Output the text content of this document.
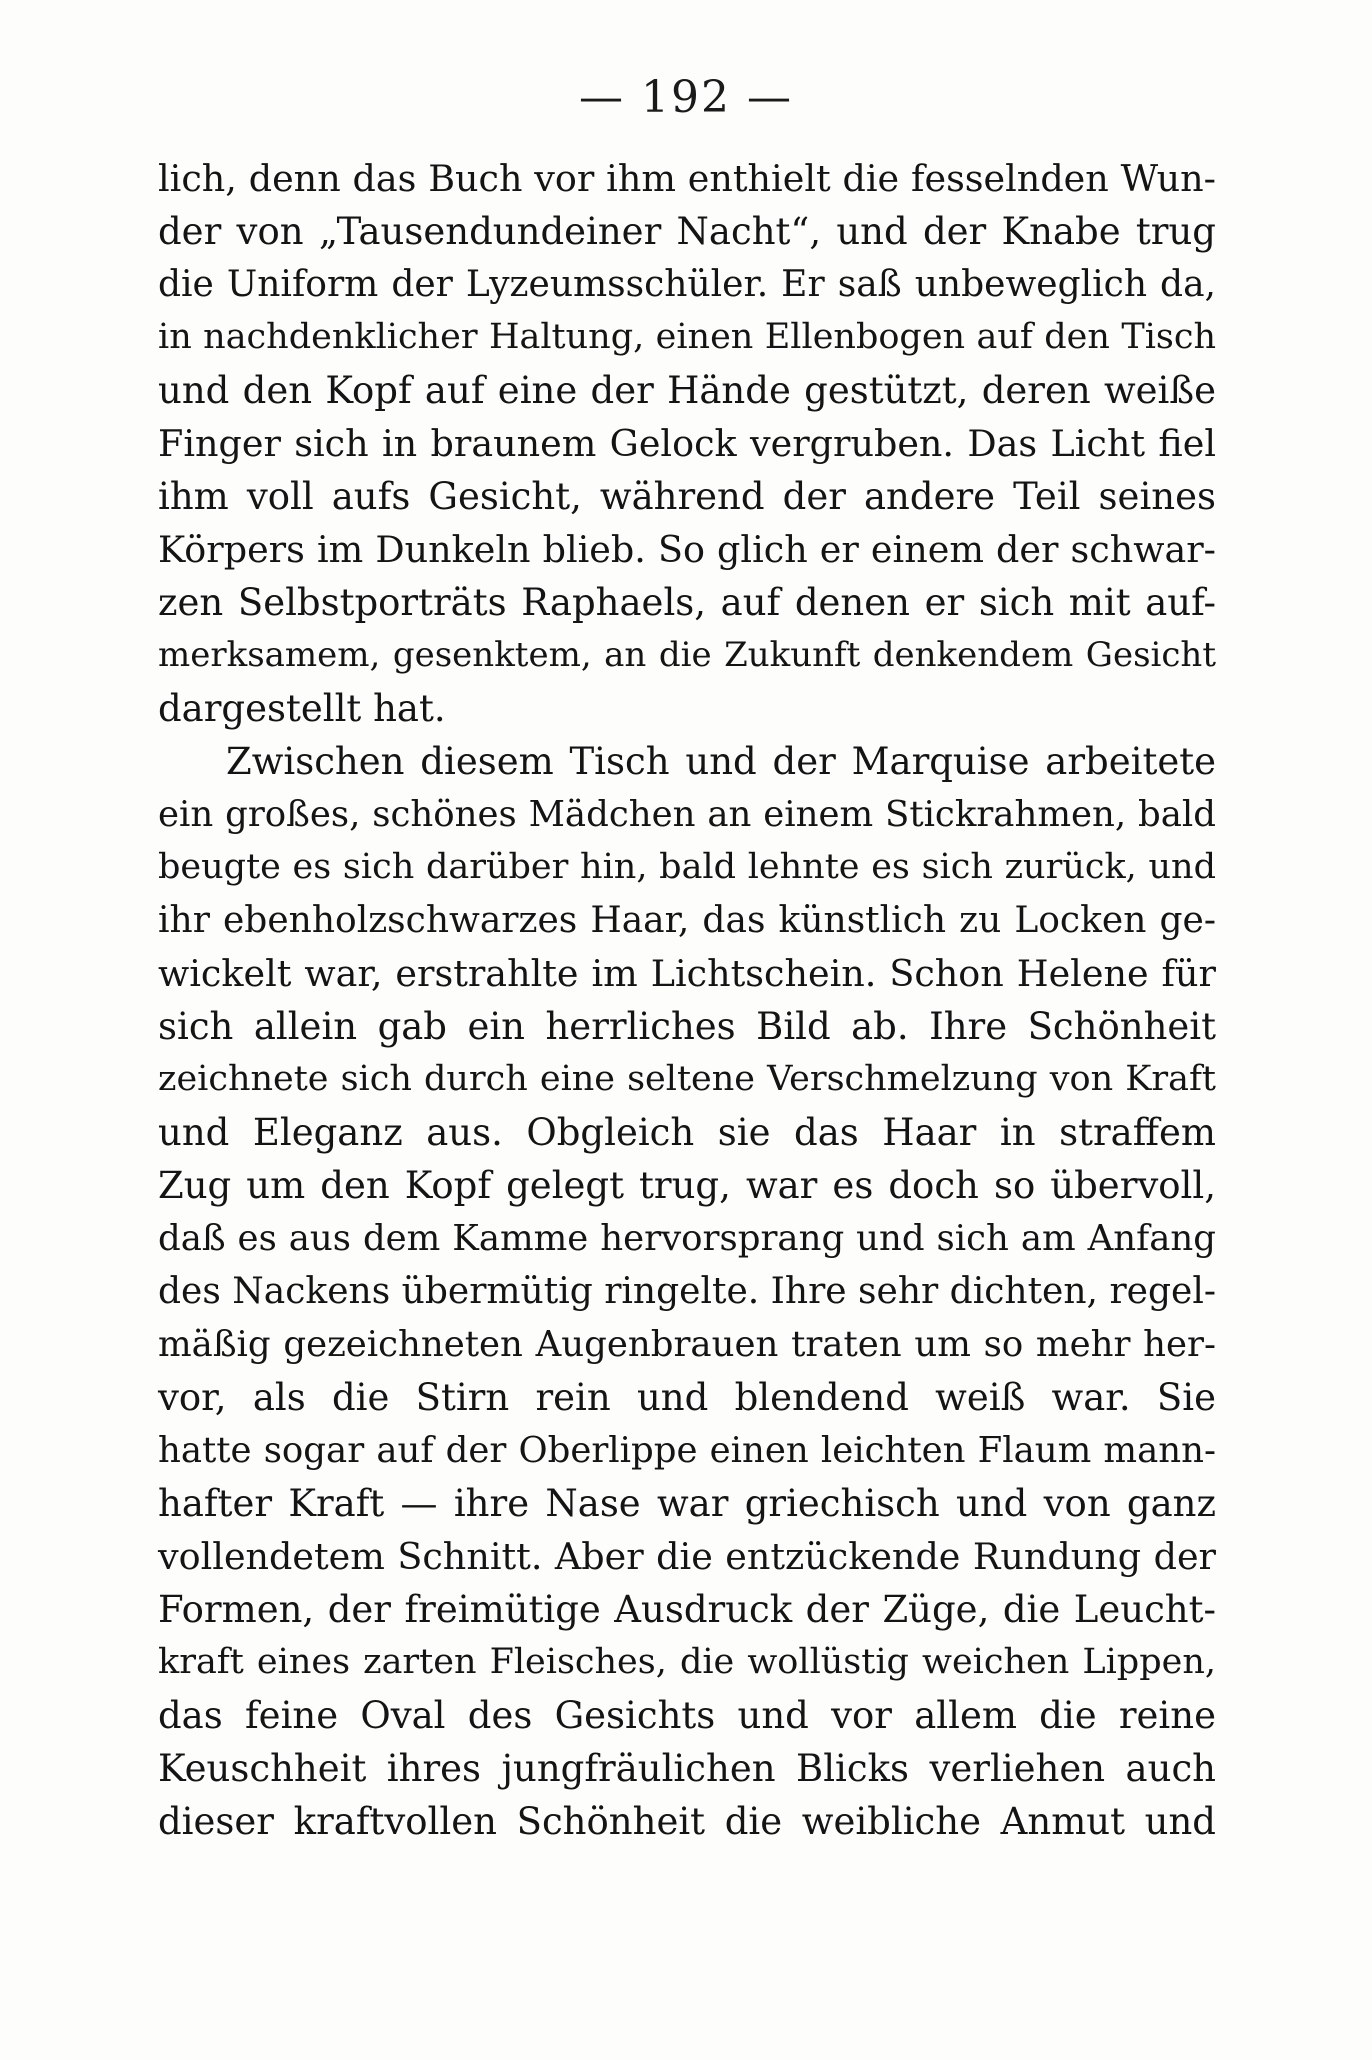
— 192 —
lich, denn das Buch vor ihm enthielt die fesselnden Wun-
der von „Tausendundeiner Nacht“, und der Knabe trug
die Uniform der Lyzeumsschüler. Er saß unbeweglich da,
in nachdenklicher Haltung, einen Ellenbogen auf den Tisch
und den Kopf auf eine der Hände gestützt, deren weiße
Finger sich in braunem Gelock vergruben. Das Licht fiel
ihm voll aufs Gesicht, während der andere Teil seines
Körpers im Dunkeln blieb. So glich er einem der schwar-
zen Selbstporträts Raphaels, auf denen er sich mit auf-
merksamem, gesenktem, an die Zukunft denkendem Gesicht
dargestellt hat.
Zwischen diesem Tisch und der Marquise arbeitete
ein großes, schönes Mädchen an einem Stickrahmen, bald
beugte es sich darüber hin, bald lehnte es sich zurück, und
ihr ebenholzschwarzes Haar, das künstlich zu Locken ge-
wickelt war, erstrahlte im Lichtschein. Schon Helene für
sich allein gab ein herrliches Bild ab. Ihre Schönheit
zeichnete sich durch eine seltene Verschmelzung von Kraft
und Eleganz aus. Obgleich sie das Haar in straffem
Zug um den Kopf gelegt trug, war es doch so übervoll,
daß es aus dem Kamme hervorsprang und sich am Anfang
des Nackens übermütig ringelte. Ihre sehr dichten, regel-
mäßig gezeichneten Augenbrauen traten um so mehr her-
vor, als die Stirn rein und blendend weiß war. Sie
hatte sogar auf der Oberlippe einen leichten Flaum mann-
hafter Kraft — ihre Nase war griechisch und von ganz
vollendetem Schnitt. Aber die entzückende Rundung der
Formen, der freimütige Ausdruck der Züge, die Leucht-
kraft eines zarten Fleisches, die wollüstig weichen Lippen,
das feine Oval des Gesichts und vor allem die reine
Keuschheit ihres jungfräulichen Blicks verliehen auch
dieser kraftvollen Schönheit die weibliche Anmut und
